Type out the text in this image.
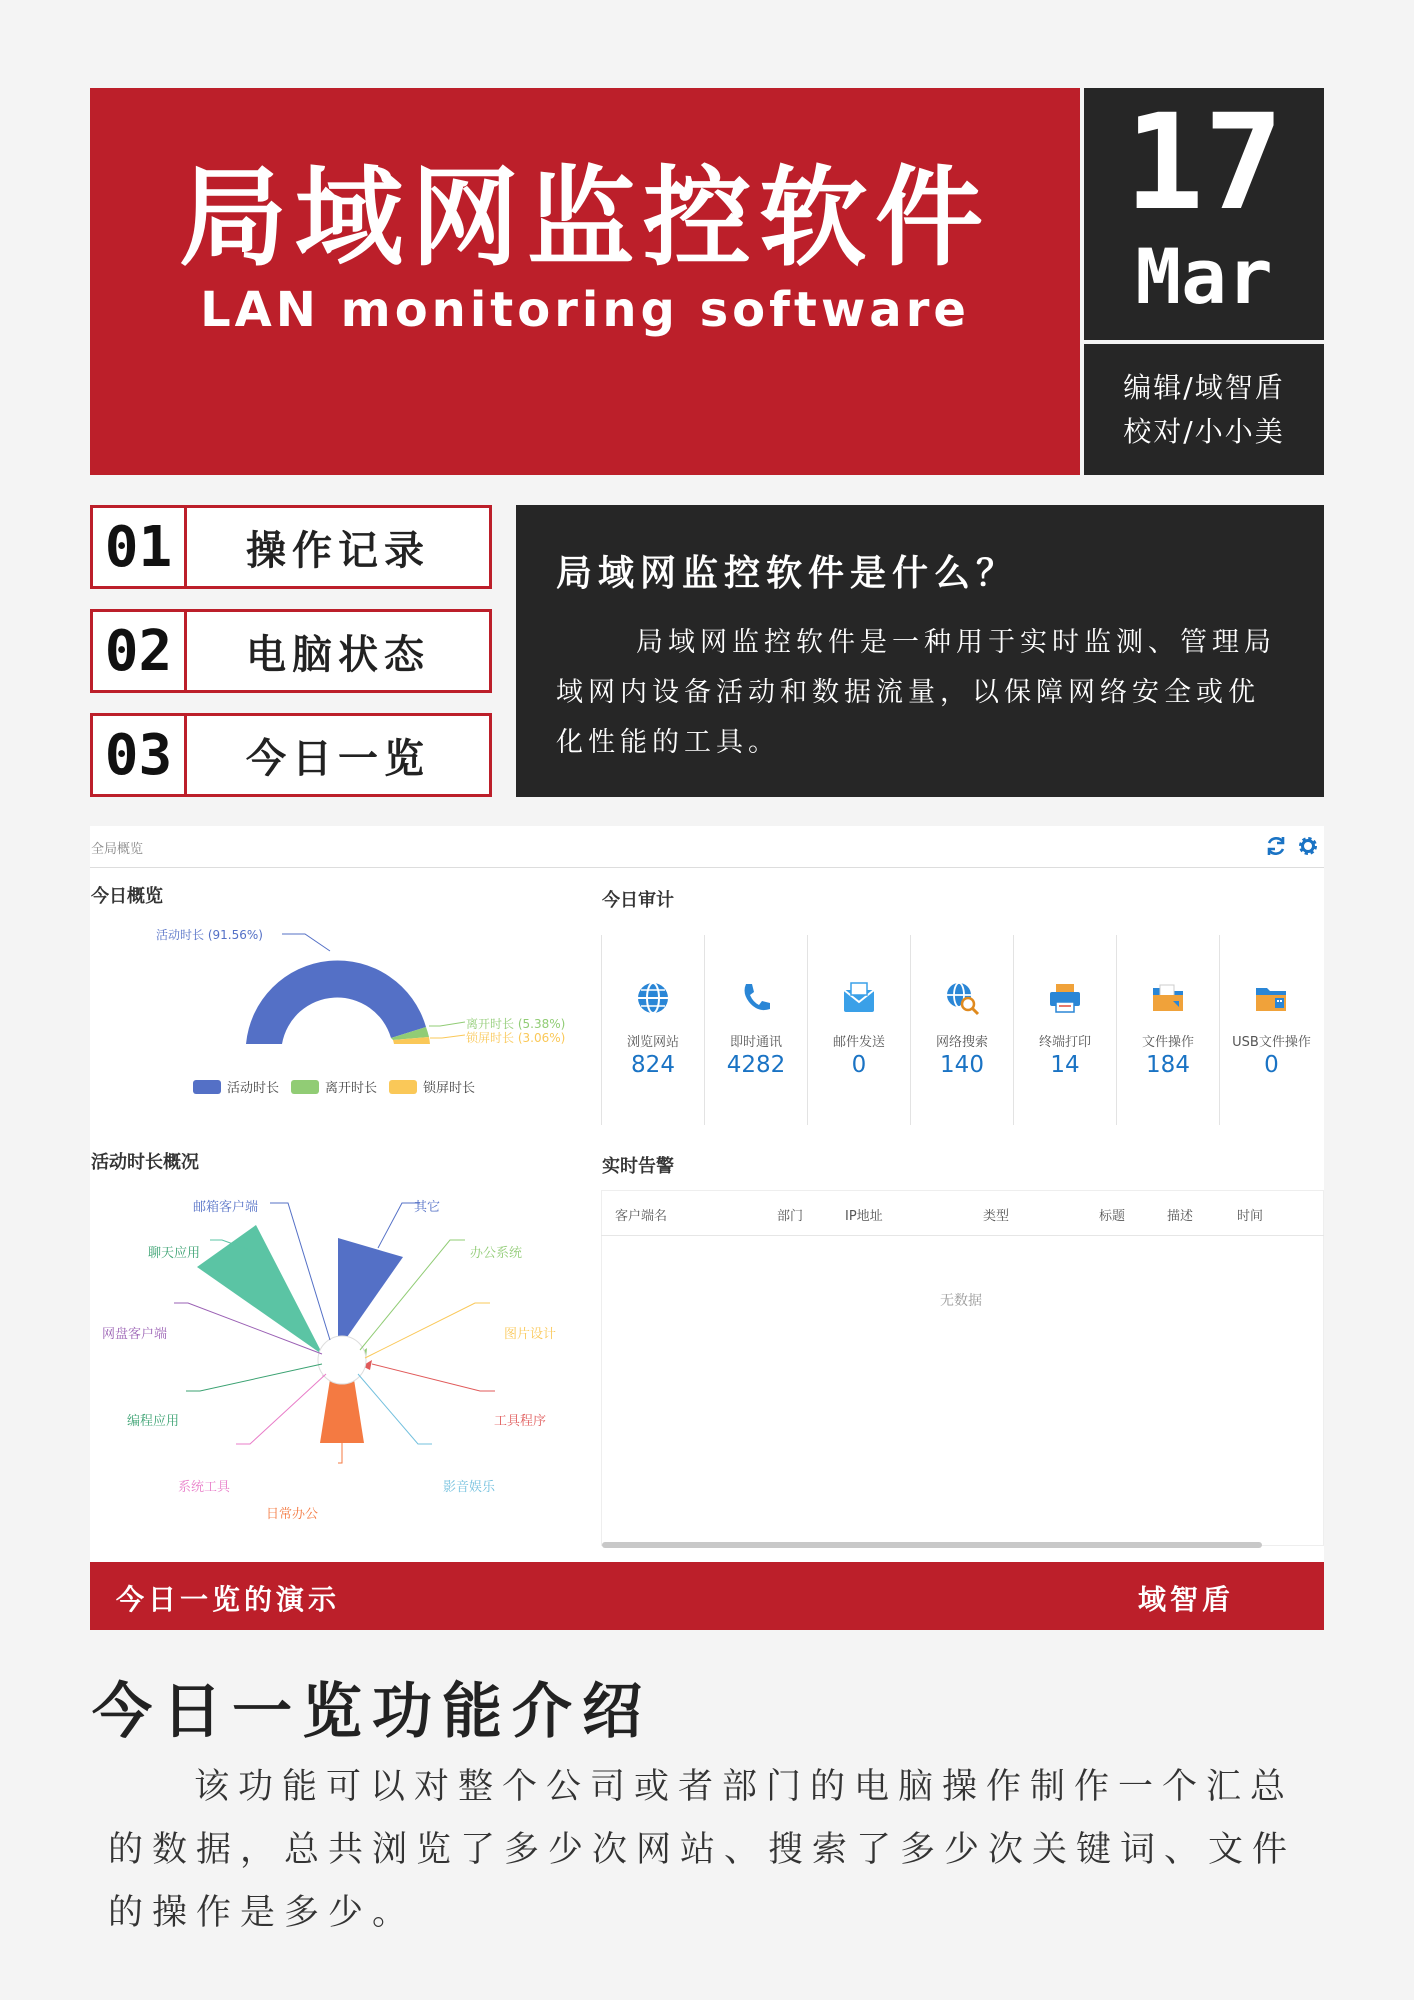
局域网监控软件
LAN monitoring software
17
Mar
编辑/域智盾
校对/小小美
01	操作记录
02	电脑状态
03	今日一览
局域网监控软件是什么？
局域网监控软件是一种用于实时监测、管理局域网内设备活动和数据流量，以保障网络安全或优化性能的工具。
全局概览
今日概览
活动时长 (91.56%)
离开时长 (5.38%)
锁屏时长 (3.06%)
活动时长	离开时长	锁屏时长
今日审计
浏览网站
824
即时通讯
4282
邮件发送
0
网络搜索
140
终端打印
14
文件操作
184
USB文件操作
0
活动时长概况
邮箱客户端	其它
聊天应用	办公系统
网盘客户端	图片设计
编程应用	工具程序
系统工具	影音娱乐
日常办公
实时告警
客户端名	部门	IP地址	类型	标题	描述	时间
无数据
今日一览的演示	域智盾
今日一览功能介绍
该功能可以对整个公司或者部门的电脑操作制作一个汇总的数据，总共浏览了多少次网站、搜索了多少次关键词、文件的操作是多少。
